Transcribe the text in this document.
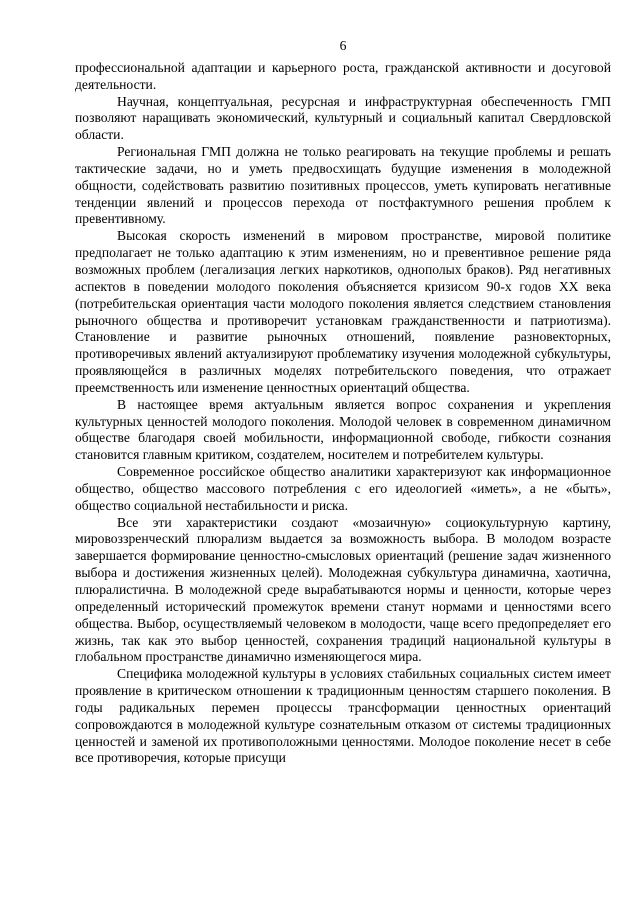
6

профессиональной адаптации и карьерного роста, гражданской активности и досуговой деятельности.

Научная, концептуальная, ресурсная и инфраструктурная обеспеченность ГМП позволяют наращивать экономический, культурный и социальный капитал Свердловской области.

Региональная ГМП должна не только реагировать на текущие проблемы и решать тактические задачи, но и уметь предвосхищать будущие изменения в молодежной общности, содействовать развитию позитивных процессов, уметь купировать негативные тенденции явлений и процессов перехода от постфактумного решения проблем к превентивному.

Высокая скорость изменений в мировом пространстве, мировой политике предполагает не только адаптацию к этим изменениям, но и превентивное решение ряда возможных проблем (легализация легких наркотиков, однополых браков). Ряд негативных аспектов в поведении молодого поколения объясняется кризисом 90-х годов XX века (потребительская ориентация части молодого поколения является следствием становления рыночного общества и противоречит установкам гражданственности и патриотизма). Становление и развитие рыночных отношений, появление разновекторных, противоречивых явлений актуализируют проблематику изучения молодежной субкультуры, проявляющейся в различных моделях потребительского поведения, что отражает преемственность или изменение ценностных ориентаций общества.

В настоящее время актуальным является вопрос сохранения и укрепления культурных ценностей молодого поколения. Молодой человек в современном динамичном обществе благодаря своей мобильности, информационной свободе, гибкости сознания становится главным критиком, создателем, носителем и потребителем культуры.

Современное российское общество аналитики характеризуют как информационное общество, общество массового потребления с его идеологией «иметь», а не «быть», общество социальной нестабильности и риска.

Все эти характеристики создают «мозаичную» социокультурную картину, мировоззренческий плюрализм выдается за возможность выбора. В молодом возрасте завершается формирование ценностно-смысловых ориентаций (решение задач жизненного выбора и достижения жизненных целей). Молодежная субкультура динамична, хаотична, плюралистична. В молодежной среде вырабатываются нормы и ценности, которые через определенный исторический промежуток времени станут нормами и ценностями всего общества. Выбор, осуществляемый человеком в молодости, чаще всего предопределяет его жизнь, так как это выбор ценностей, сохранения традиций национальной культуры в глобальном пространстве динамично изменяющегося мира.

Специфика молодежной культуры в условиях стабильных социальных систем имеет проявление в критическом отношении к традиционным ценностям старшего поколения. В годы радикальных перемен процессы трансформации ценностных ориентаций сопровождаются в молодежной культуре сознательным отказом от системы традиционных ценностей и заменой их противоположными ценностями. Молодое поколение несет в себе все противоречия, которые присущи
